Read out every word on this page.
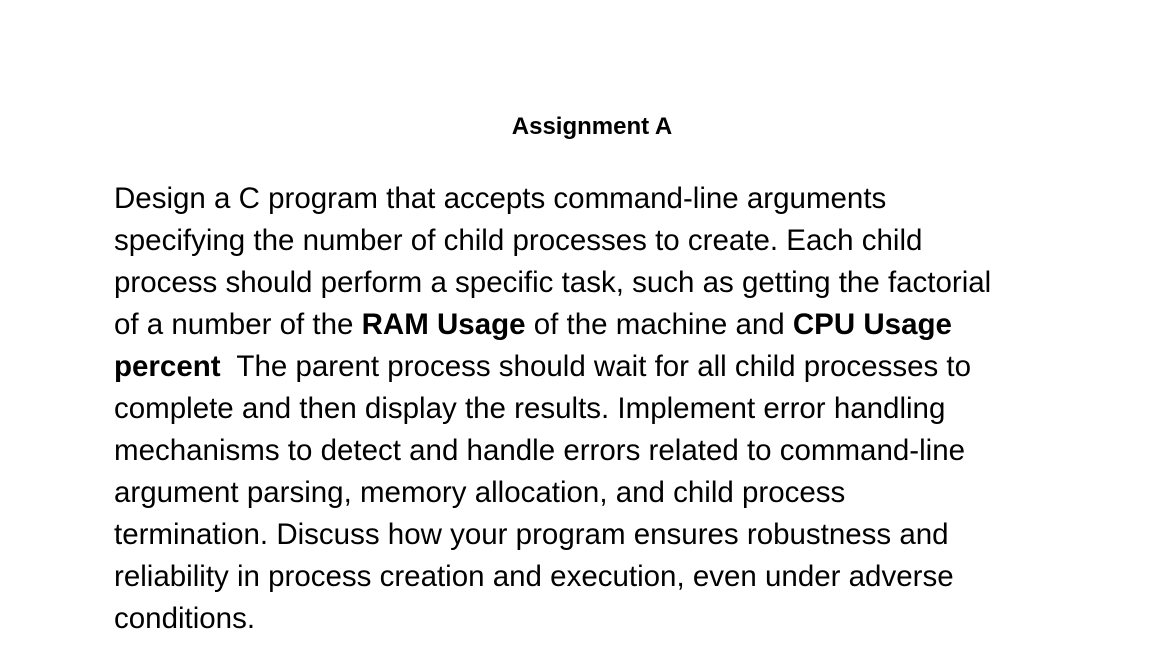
Assignment A
Design a C program that accepts command-line arguments
specifying the number of child processes to create. Each child
process should perform a specific task, such as getting the factorial
of a number of the RAM Usage of the machine and CPU Usage
percent  The parent process should wait for all child processes to
complete and then display the results. Implement error handling
mechanisms to detect and handle errors related to command-line
argument parsing, memory allocation, and child process
termination. Discuss how your program ensures robustness and
reliability in process creation and execution, even under adverse
conditions.
